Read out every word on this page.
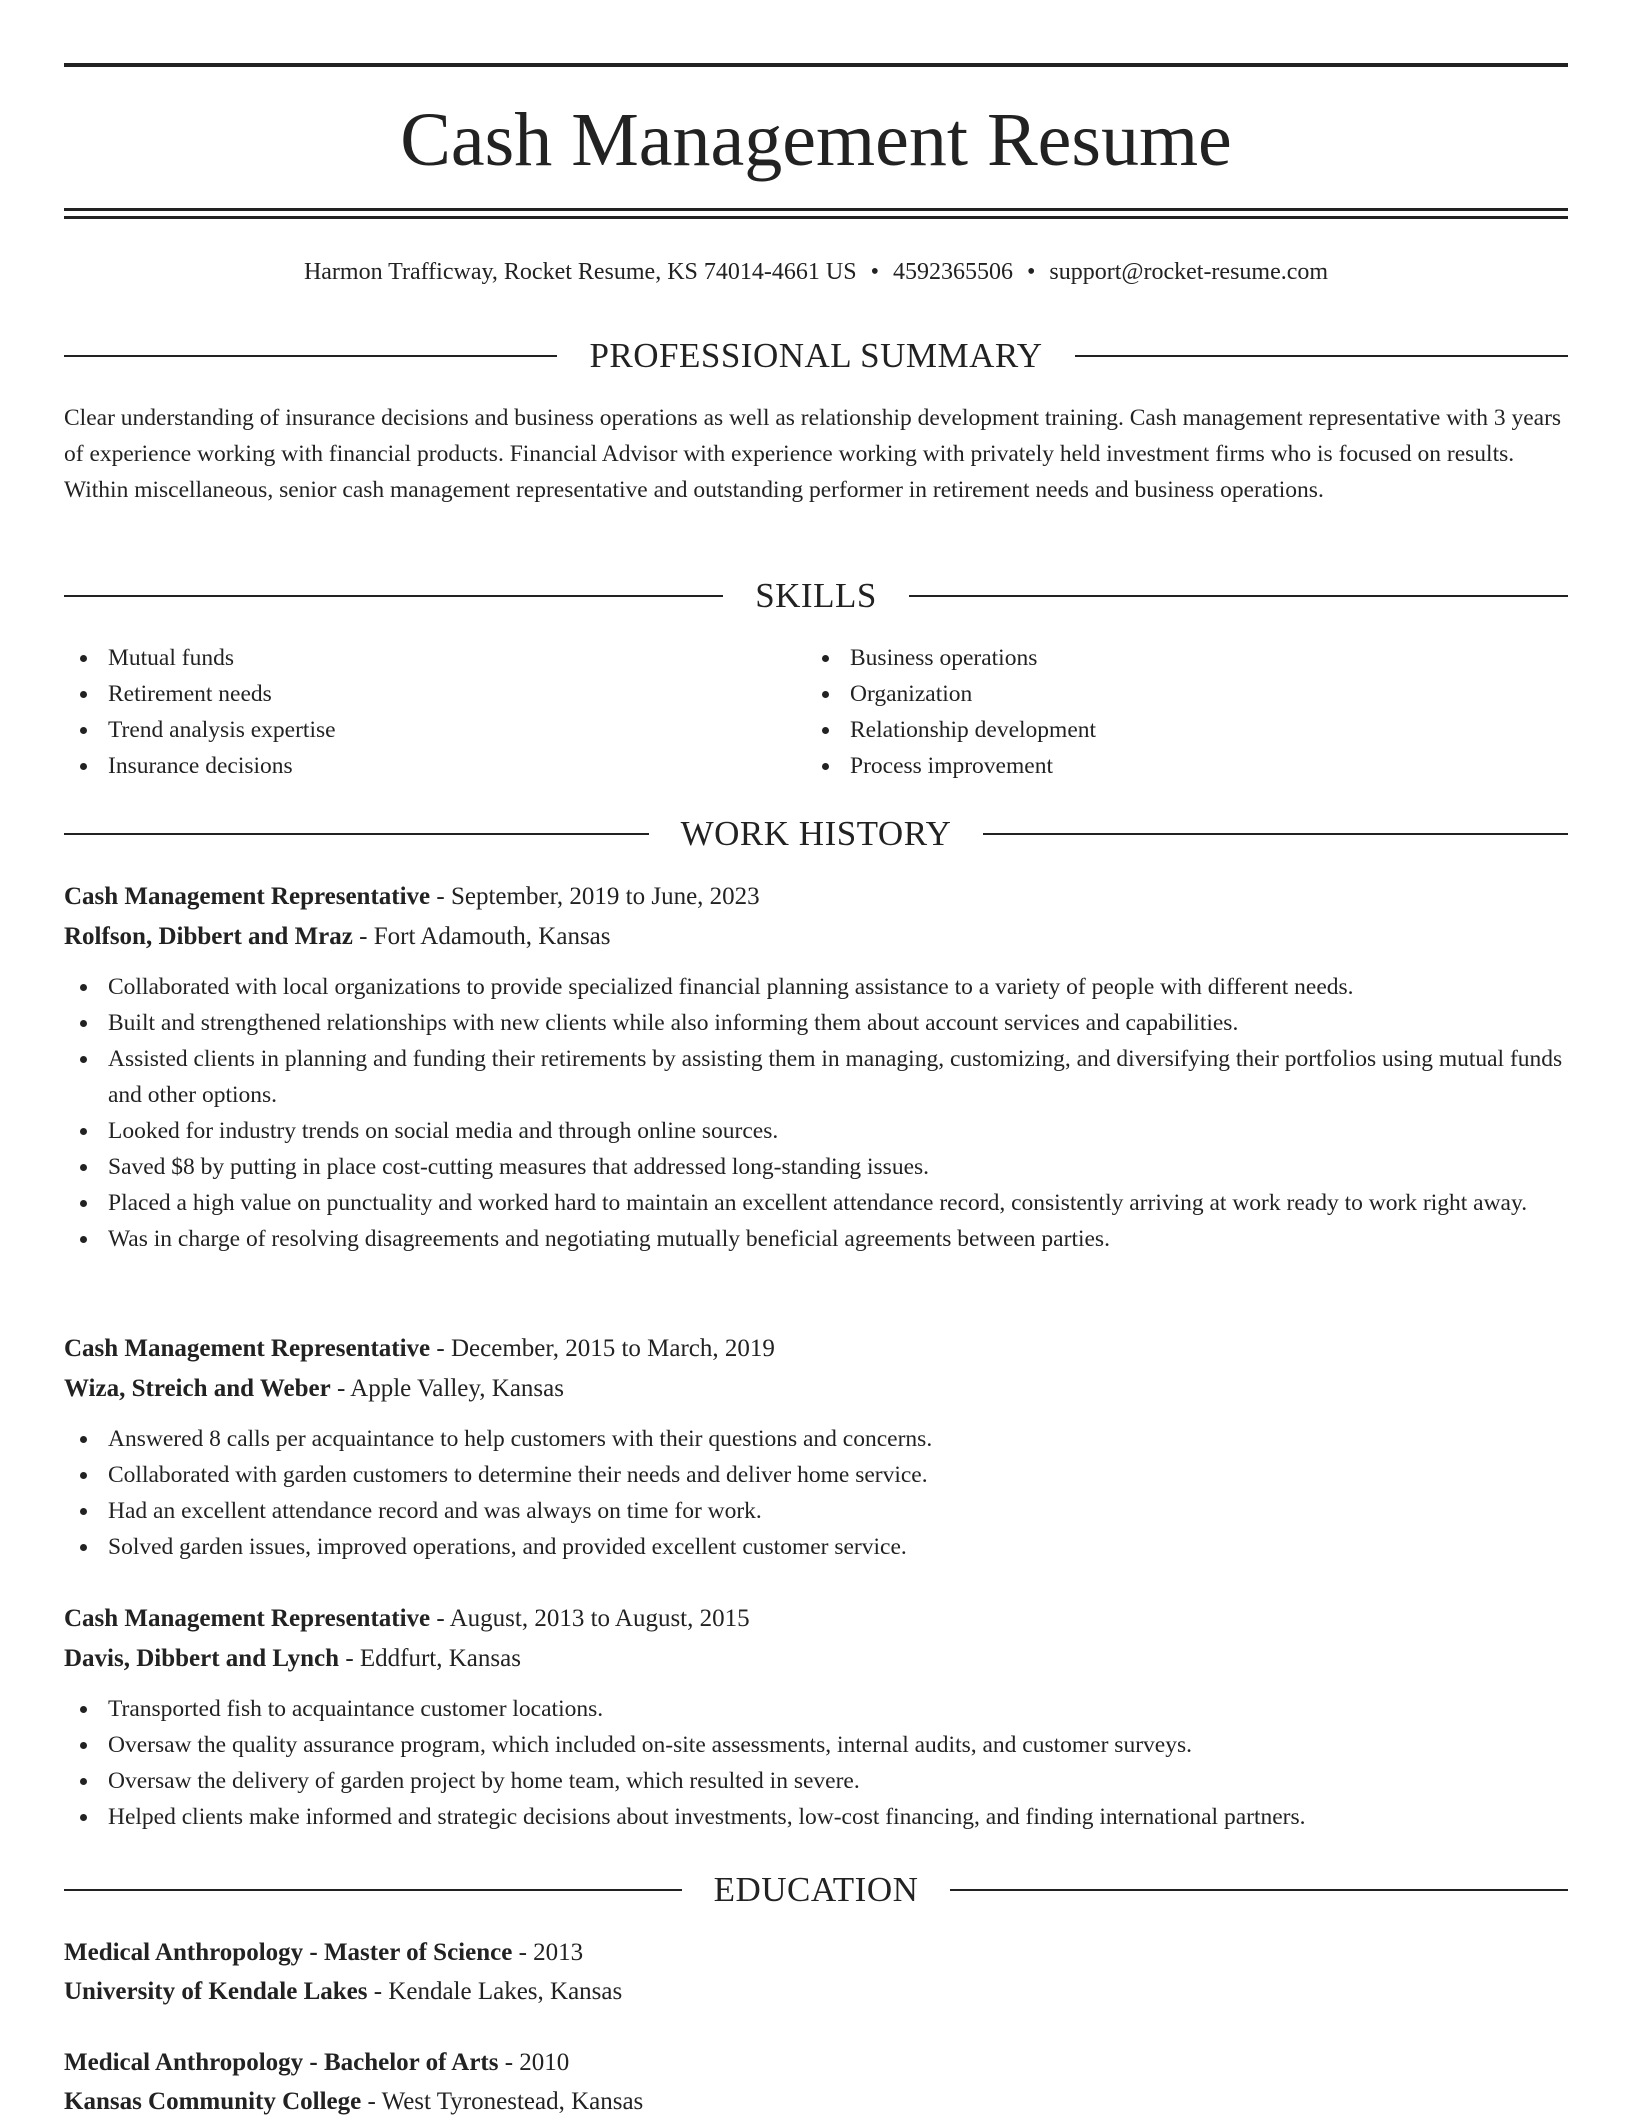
Cash Management Resume
Harmon Trafficway, Rocket Resume, KS 74014-4661 US • 4592365506 • support@rocket-resume.com
PROFESSIONAL SUMMARY

Clear understanding of insurance decisions and business operations as well as relationship development training. Cash management representative with 3 years of experience working with financial products. Financial Advisor with experience working with privately held investment firms who is focused on results. Within miscellaneous, senior cash management representative and outstanding performer in retirement needs and business operations.

SKILLS
Mutual funds
Retirement needs
Trend analysis expertise
Insurance decisions
Business operations
Organization
Relationship development
Process improvement
WORK HISTORY
Cash Management Representative - September, 2019 to June, 2023
Rolfson, Dibbert and Mraz - Fort Adamouth, Kansas
Collaborated with local organizations to provide specialized financial planning assistance to a variety of people with different needs.
Built and strengthened relationships with new clients while also informing them about account services and capabilities.
Assisted clients in planning and funding their retirements by assisting them in managing, customizing, and diversifying their portfolios using mutual funds and other options.
Looked for industry trends on social media and through online sources.
Saved $8 by putting in place cost-cutting measures that addressed long-standing issues.
Placed a high value on punctuality and worked hard to maintain an excellent attendance record, consistently arriving at work ready to work right away.
Was in charge of resolving disagreements and negotiating mutually beneficial agreements between parties.
Cash Management Representative - December, 2015 to March, 2019
Wiza, Streich and Weber - Apple Valley, Kansas
Answered 8 calls per acquaintance to help customers with their questions and concerns.
Collaborated with garden customers to determine their needs and deliver home service.
Had an excellent attendance record and was always on time for work.
Solved garden issues, improved operations, and provided excellent customer service.
Cash Management Representative - August, 2013 to August, 2015
Davis, Dibbert and Lynch - Eddfurt, Kansas
Transported fish to acquaintance customer locations.
Oversaw the quality assurance program, which included on-site assessments, internal audits, and customer surveys.
Oversaw the delivery of garden project by home team, which resulted in severe.
Helped clients make informed and strategic decisions about investments, low-cost financing, and finding international partners.
EDUCATION
Medical Anthropology - Master of Science - 2013
University of Kendale Lakes - Kendale Lakes, Kansas
Medical Anthropology - Bachelor of Arts - 2010
Kansas Community College - West Tyronestead, Kansas
